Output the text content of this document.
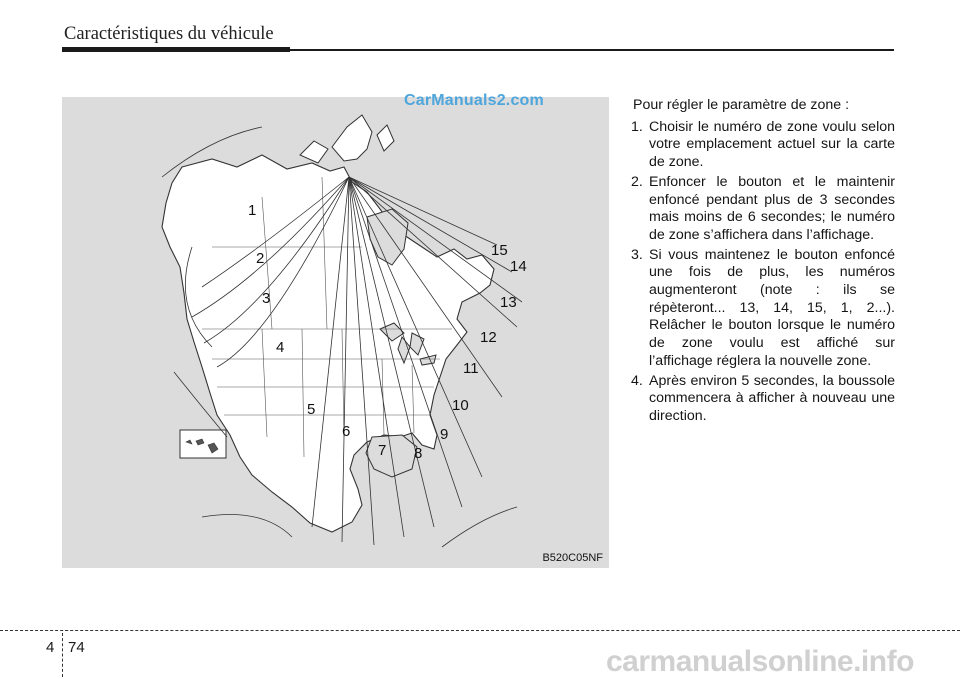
Caractéristiques du véhicule
1
2
3
4
5
6
7 8
9
10
11
12
13
14
15
CarManuals2.com
B520C05NF

Pour régler le paramètre de zone :

1. Choisir le numéro de zone voulu selon votre emplacement actuel sur la carte de zone.
2. Enfoncer le bouton et le maintenir enfoncé pendant plus de 3 secondes mais moins de 6 secondes; le numéro de zone s’affichera dans l’affichage.
3. Si vous maintenez le bouton enfoncé une fois de plus, les numéros augmenteront (note : ils se répèteront... 13, 14, 15, 1, 2...). Relâcher le bouton lorsque le numéro de zone voulu est affiché sur l’affichage réglera la nouvelle zone.
4. Après environ 5 secondes, la boussole commencera à afficher à nouveau une direction.
4 74	carmanualsonline.info
